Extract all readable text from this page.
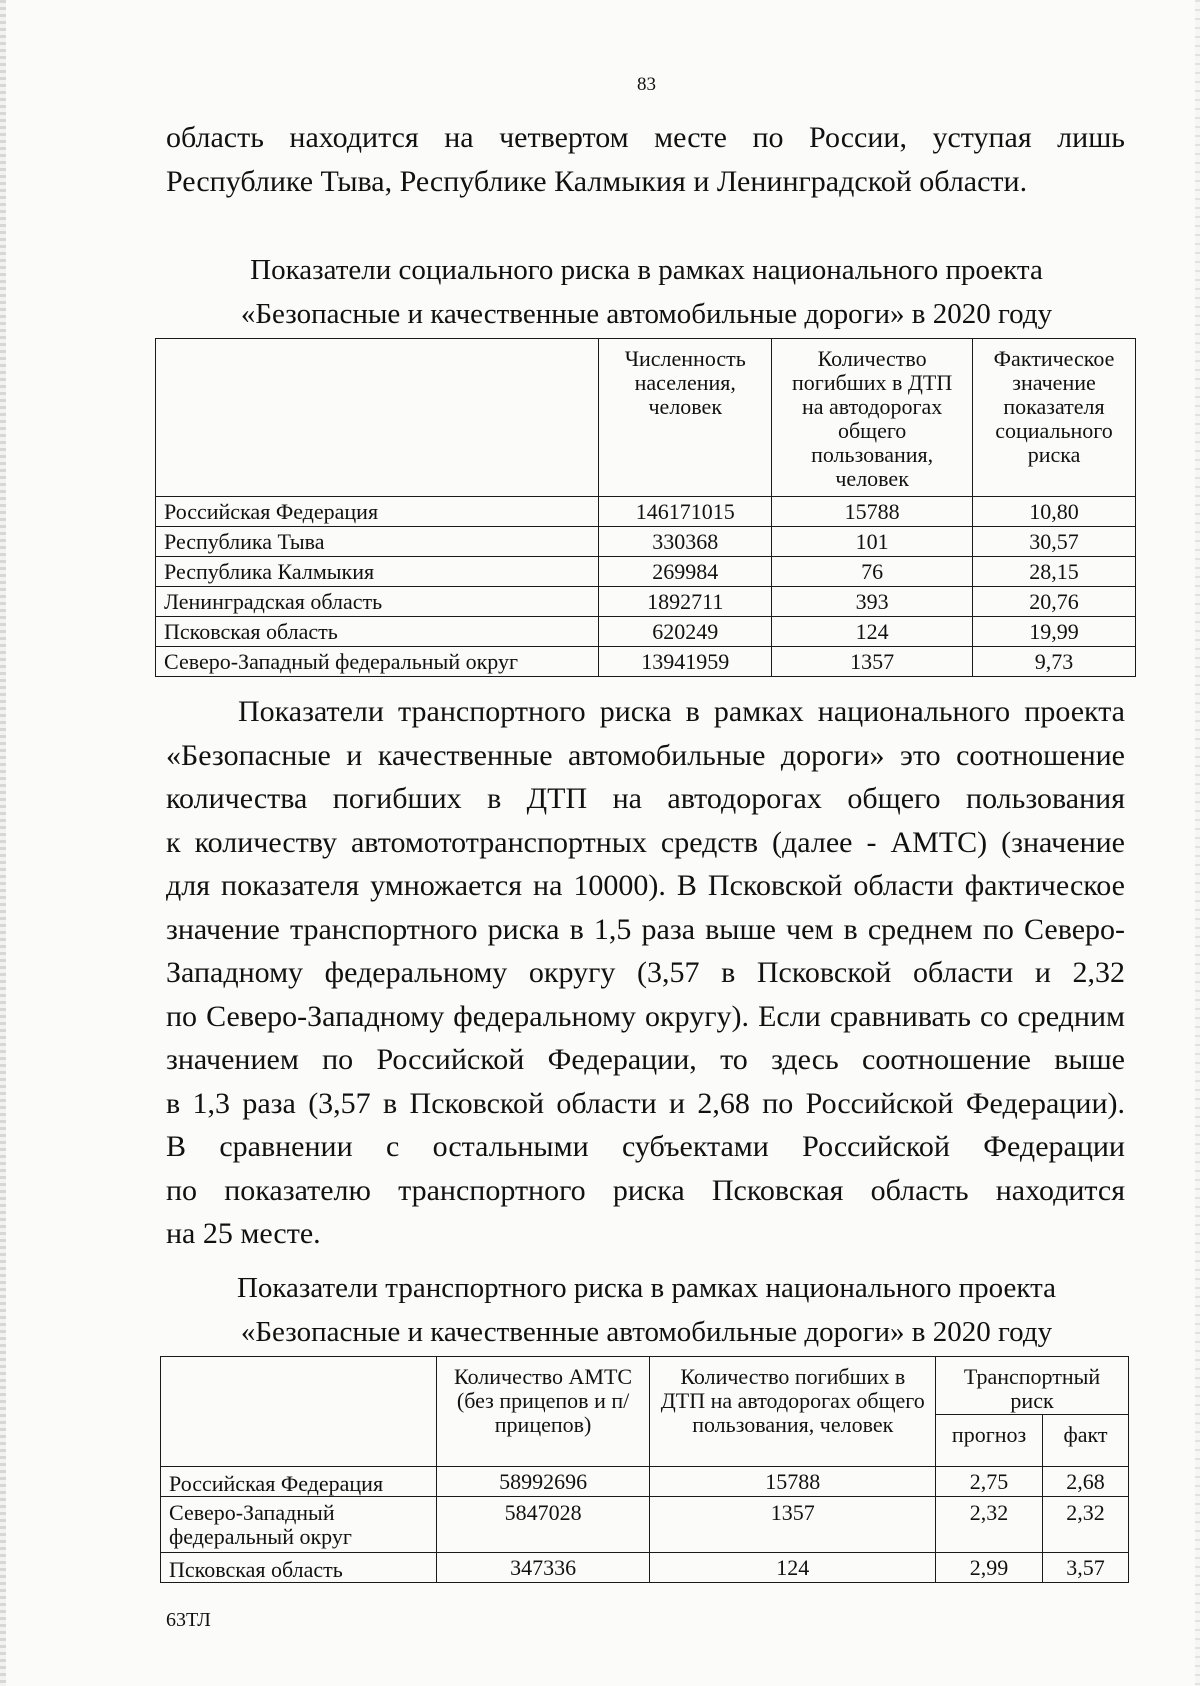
83
область находится на четвертом месте по России, уступая лишь
Республике Тыва, Республике Калмыкия и Ленинградской области.
Показатели социального риска в рамках национального проекта
«Безопасные и качественные автомобильные дороги» в 2020 году
	Численность населения, человек	Количество погибших в ДТП на автодорогах общего пользования, человек	Фактическое значение показателя социального риска
Российская Федерация	146171015	15788	10,80
Республика Тыва	330368	101	30,57
Республика Калмыкия	269984	76	28,15
Ленинградская область	1892711	393	20,76
Псковская область	620249	124	19,99
Северо-Западный федеральный округ	13941959	1357	9,73
Показатели транспортного риска в рамках национального проекта
«Безопасные и качественные автомобильные дороги» это соотношение
количества погибших в ДТП на автодорогах общего пользования
к количеству автомототранспортных средств (далее - АМТС) (значение
для показателя умножается на 10000). В Псковской области фактическое
значение транспортного риска в 1,5 раза выше чем в среднем по Северо-
Западному федеральному округу (3,57 в Псковской области и 2,32
по Северо-Западному федеральному округу). Если сравнивать со средним
значением по Российской Федерации, то здесь соотношение выше
в 1,3 раза (3,57 в Псковской области и 2,68 по Российской Федерации).
В сравнении с остальными субъектами Российской Федерации
по показателю транспортного риска Псковская область находится
на 25 месте.
Показатели транспортного риска в рамках национального проекта
«Безопасные и качественные автомобильные дороги» в 2020 году
	Количество АМТС (без прицепов и п/прицепов)	Количество погибших в ДТП на автодорогах общего пользования, человек	Транспортный риск	
			прогноз	факт
Российская Федерация	58992696	15788	2,75	2,68
Северо-Западный федеральный округ	5847028	1357	2,32	2,32
Псковская область	347336	124	2,99	3,57
63ТЛ
